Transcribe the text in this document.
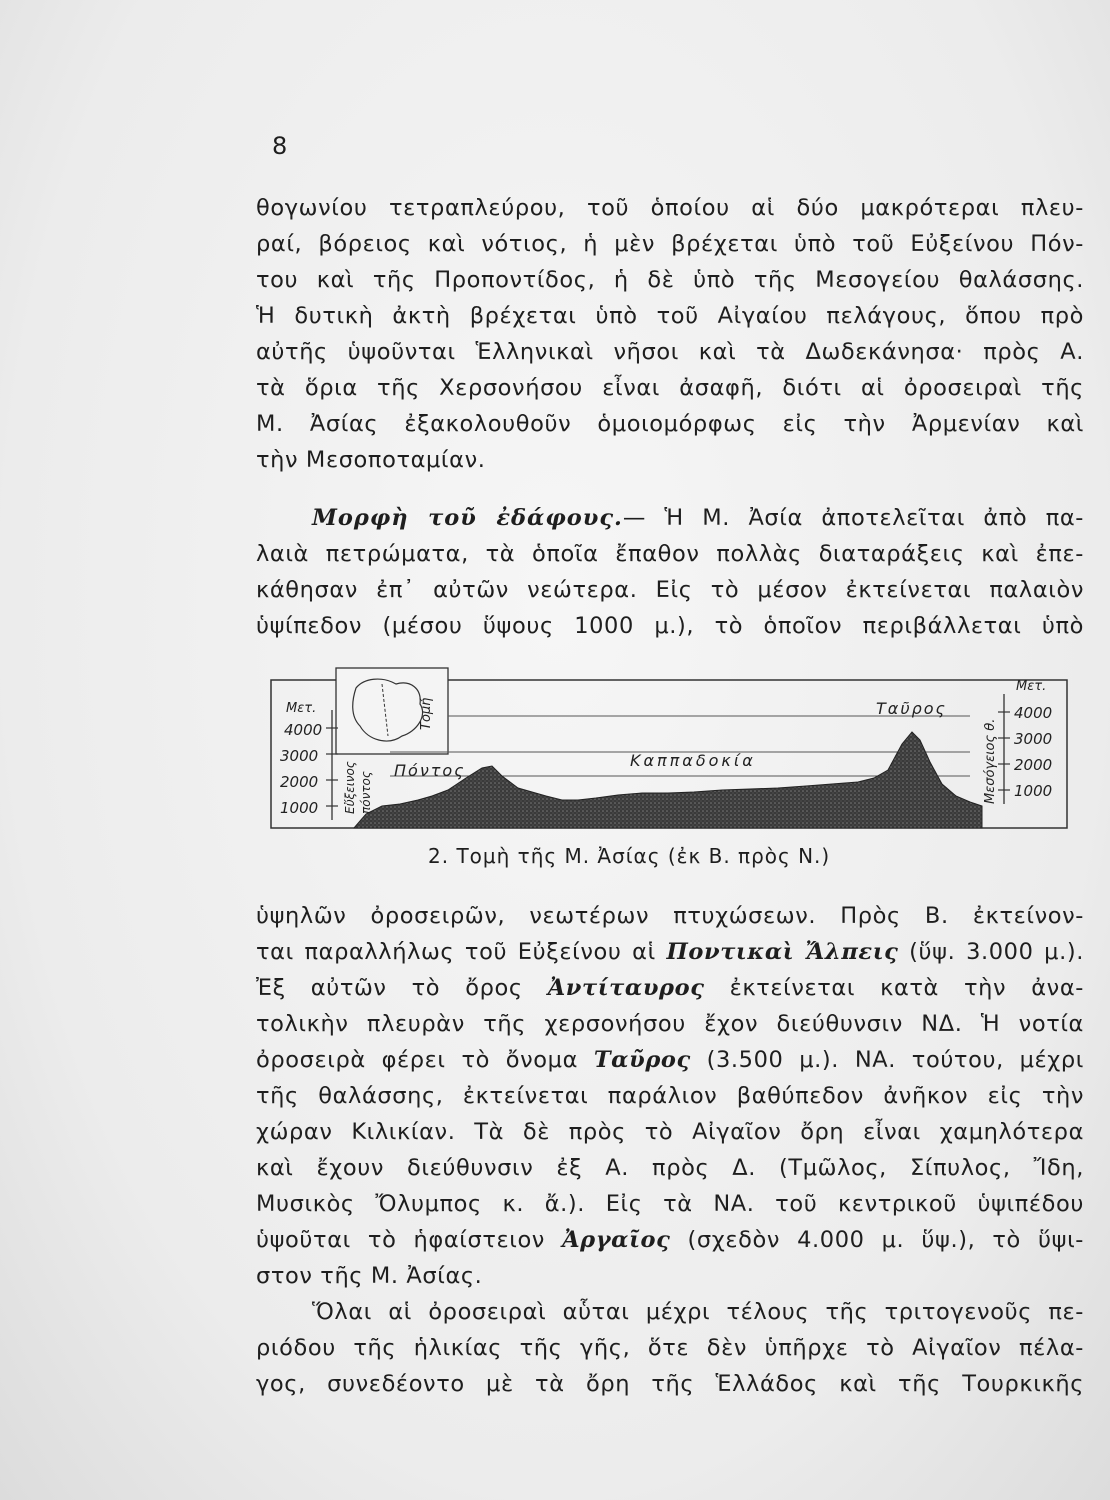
8
θογωνίου τετραπλεύρου, τοῦ ὁποίου αἱ δύο μακρότεραι πλευ-
ραί, βόρειος καὶ νότιος, ἡ μὲν βρέχεται ὑπὸ τοῦ Εὐξείνου Πόν-
του καὶ τῆς Προποντίδος, ἡ δὲ ὑπὸ τῆς Μεσογείου θαλάσσης.
Ἡ δυτικὴ ἀκτὴ βρέχεται ὑπὸ τοῦ Αἰγαίου πελάγους, ὅπου πρὸ
αὐτῆς ὑψοῦνται Ἑλληνικαὶ νῆσοι καὶ τὰ Δωδεκάνησα· πρὸς Α.
τὰ ὅρια τῆς Χερσονήσου εἶναι ἀσαφῆ, διότι αἱ ὀροσειραὶ τῆς
Μ. Ἀσίας ἐξακολουθοῦν ὁμοιομόρφως εἰς τὴν Ἀρμενίαν καὶ
τὴν Μεσοποταμίαν.
Μορφὴ τοῦ ἐδάφους.— Ἡ Μ. Ἀσία ἀποτελεῖται ἀπὸ πα-
λαιὰ πετρώματα, τὰ ὁποῖα ἔπαθον πολλὰς διαταράξεις καὶ ἐπε-
κάθησαν ἐπ᾽ αὐτῶν νεώτερα. Εἰς τὸ μέσον ἐκτείνεται παλαιὸν
ὑψίπεδον (μέσου ὕψους 1000 μ.), τὸ ὁποῖον περιβάλλεται ὑπὸ
Τομή
Μετ.
4000
3000
2000
1000
Μετ.
4000
3000
2000
1000
Εὔξεινος πόντος	Μεσόγειος θ.
Πόντος
Καππαδοκία
Ταῦρος
2. Τομὴ τῆς Μ. Ἀσίας (ἐκ Β. πρὸς Ν.)
ὑψηλῶν ὀροσειρῶν, νεωτέρων πτυχώσεων. Πρὸς Β. ἐκτείνον-
ται παραλλήλως τοῦ Εὐξείνου αἱ Ποντικαὶ Ἄλπεις (ὕψ. 3.000 μ.).
Ἐξ αὐτῶν τὸ ὄρος Ἀντίταυρος ἐκτείνεται κατὰ τὴν ἀνα-
τολικὴν πλευρὰν τῆς χερσονήσου ἔχον διεύθυνσιν ΝΔ. Ἡ νοτία
ὀροσειρὰ φέρει τὸ ὄνομα Ταῦρος (3.500 μ.). ΝΑ. τούτου, μέχρι
τῆς θαλάσσης, ἐκτείνεται παράλιον βαθύπεδον ἀνῆκον εἰς τὴν
χώραν Κιλικίαν. Τὰ δὲ πρὸς τὸ Αἰγαῖον ὄρη εἶναι χαμηλότερα
καὶ ἔχουν διεύθυνσιν ἐξ Α. πρὸς Δ. (Τμῶλος, Σίπυλος, Ἴδη,
Μυσικὸς Ὄλυμπος κ. ἄ.). Εἰς τὰ ΝΑ. τοῦ κεντρικοῦ ὑψιπέδου
ὑψοῦται τὸ ἡφαίστειον Ἀργαῖος (σχεδὸν 4.000 μ. ὕψ.), τὸ ὕψι-
στον τῆς Μ. Ἀσίας.
Ὅλαι αἱ ὀροσειραὶ αὗται μέχρι τέλους τῆς τριτογενοῦς πε-
ριόδου τῆς ἡλικίας τῆς γῆς, ὅτε δὲν ὑπῆρχε τὸ Αἰγαῖον πέλα-
γος, συνεδέοντο μὲ τὰ ὄρη τῆς Ἑλλάδος καὶ τῆς Τουρκικῆς
